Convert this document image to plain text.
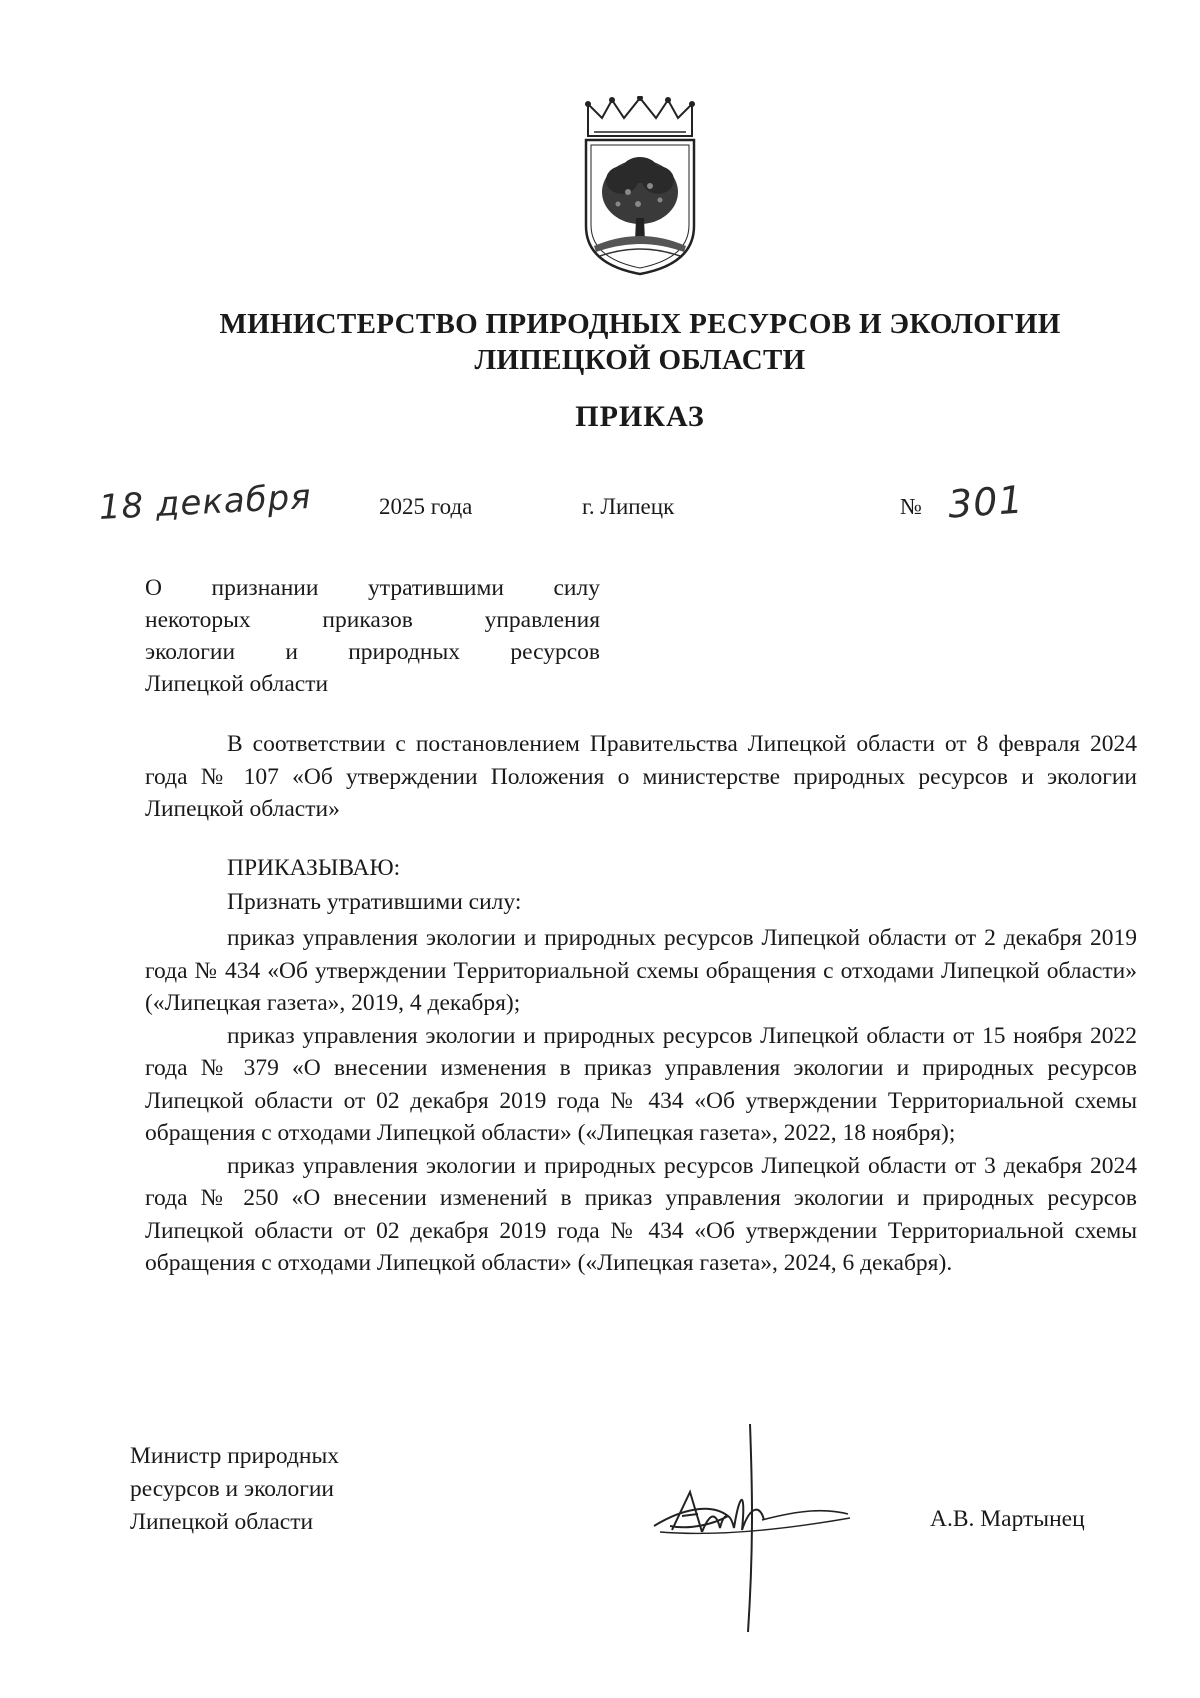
МИНИСТЕРСТВО ПРИРОДНЫХ РЕСУРСОВ И ЭКОЛОГИИ
ЛИПЕЦКОЙ ОБЛАСТИ
ПРИКАЗ
18 декабря	2025 года	г. Липецк	№ 301
О признании утратившими силу
некоторых приказов управления
экологии и природных ресурсов
Липецкой области

В соответствии с постановлением Правительства Липецкой области от 8 февраля 2024 года № 107 «Об утверждении Положения о министерстве природных ресурсов и экологии Липецкой области»

ПРИКАЗЫВАЮ:
Признать утратившими силу:

приказ управления экологии и природных ресурсов Липецкой области от 2 декабря 2019 года № 434 «Об утверждении Территориальной схемы обращения с отходами Липецкой области» («Липецкая газета», 2019, 4 декабря);

приказ управления экологии и природных ресурсов Липецкой области от 15 ноября 2022 года № 379 «О внесении изменения в приказ управления экологии и природных ресурсов Липецкой области от 02 декабря 2019 года № 434 «Об утверждении Территориальной схемы обращения с отходами Липецкой области» («Липецкая газета», 2022, 18 ноября);

приказ управления экологии и природных ресурсов Липецкой области от 3 декабря 2024 года № 250 «О внесении изменений в приказ управления экологии и природных ресурсов Липецкой области от 02 декабря 2019 года № 434 «Об утверждении Территориальной схемы обращения с отходами Липецкой области» («Липецкая газета», 2024, 6 декабря).

Министр природных
ресурсов и экологии
Липецкой области	А.В. Мартынец
